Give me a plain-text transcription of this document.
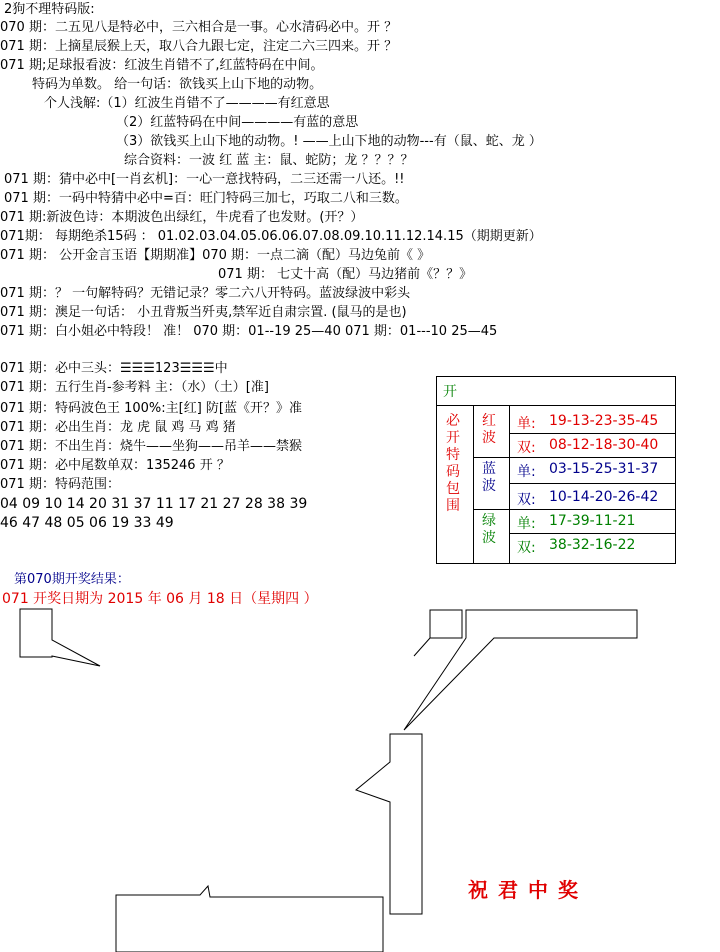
2狗不理特码版:
070 期：二五见八是特必中，三六相合是一事。心水清码必中。开 ？
071 期：上摘星辰猴上天，取八合九跟七定，注定二六三四来。开 ？
071 期;足球报看波：红波生肖错不了,红蓝特码在中间。
特码为单数。 给一句话：欲钱买上山下地的动物。
个人浅解:（1）红波生肖错不了————有红意思
（2）红蓝特码在中间————有蓝的意思
（3）欲钱买上山下地的动物。! ——上山下地的动物---有（鼠、蛇、龙 ）
综合资料：一波 红 蓝 主：鼠、蛇防；龙 ？？？？
071 期：猜中必中[一肖玄机]：一心一意找特码，二三还需一八还。!!
071 期：一码中特猜中必中=百：旺门特码三加七，巧取二八和三数。
071 期:新波色诗：本期波色出绿红，牛虎看了也发财。(开？）
071期： 每期绝杀15码 ： 01.02.03.04.05.06.06.07.08.09.10.11.12.14.15（期期更新）
071 期： 公开金言玉语【期期准】070 期：一点二滴（配）马边兔前《 》
071 期： 七丈十高（配）马边猪前《？？》
071 期：？ 一句解特码？无错记录？零二六八开特码。蓝波绿波中彩头
071 期：澳足一句话： 小丑背叛当歼夷,禁军近自肃宗置. (鼠马的是也)
071 期：白小姐必中特段！ 准！ 070 期：01--19 25—40 071 期：01---10 25—45
071 期：必中三头：☰☰☰123☰☰☰中
071 期：五行生肖-参考料 主：（水）（土）[准]
071 期：特码波色王 100%:主[红] 防[蓝《开？》准
071 期：必出生肖：龙 虎 鼠 鸡 马 鸡 猪
071 期：不出生肖：烧牛——坐狗——吊羊——禁猴
071 期：必中尾数单双：135246 开 ？
071 期：特码范围：
04 09 10 14 20 31 37 11 17 21 27 28 38 39
46 47 48 05 06 19 33 49
开
必
开
特
码
包
围
红
波
单: 19-13-23-35-45
双: 08-12-18-30-40
蓝
波
单: 03-15-25-31-37
双: 10-14-20-26-42
绿
波
单: 17-39-11-21
双: 38-32-16-22
第070期开奖结果：
071 开奖日期为 2015 年 06 月 18 日（星期四 ）
祝君中奖
